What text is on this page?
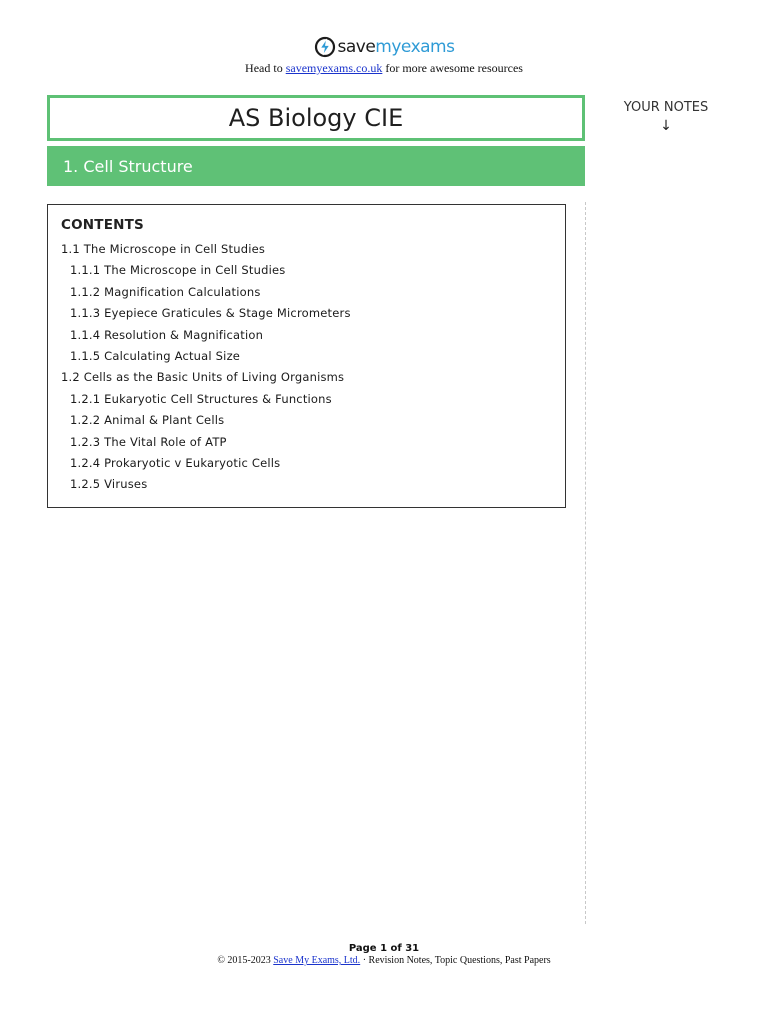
savemyexams
Head to savemyexams.co.uk for more awesome resources
AS Biology CIE
1. Cell Structure
YOUR NOTES
↓
CONTENTS
1.1 The Microscope in Cell Studies
1.1.1 The Microscope in Cell Studies
1.1.2 Magnification Calculations
1.1.3 Eyepiece Graticules & Stage Micrometers
1.1.4 Resolution & Magnification
1.1.5 Calculating Actual Size
1.2 Cells as the Basic Units of Living Organisms
1.2.1 Eukaryotic Cell Structures & Functions
1.2.2 Animal & Plant Cells
1.2.3 The Vital Role of ATP
1.2.4 Prokaryotic v Eukaryotic Cells
1.2.5 Viruses
Page 1 of 31
© 2015-2023 Save My Exams, Ltd. · Revision Notes, Topic Questions, Past Papers
